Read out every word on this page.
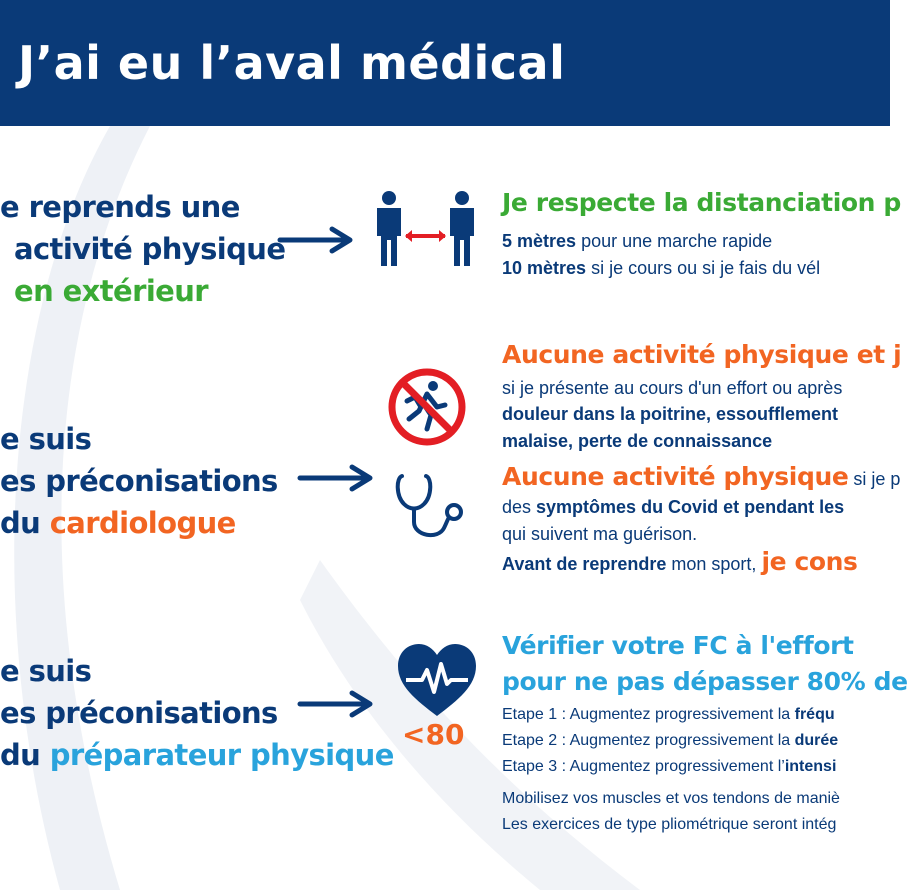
J’ai eu l’aval médical
e reprends une
activité physique
en extérieur
Je respecte la distanciation p
5 mètres pour une marche rapide
10 mètres si je cours ou si je fais du vél
e suis
es préconisations
du cardiologue
Aucune activité physique et j
si je présente au cours d'un effort ou après
douleur dans la poitrine, essoufflement
malaise, perte de connaissance
Aucune activité physique si je p
des symptômes du Covid et pendant les
qui suivent ma guérison.
Avant de reprendre mon sport, je cons
e suis
es préconisations
du préparateur physique
<80
Vérifier votre FC à l'effort
pour ne pas dépasser 80% de
Etape 1 : Augmentez progressivement la fréqu
Etape 2 : Augmentez progressivement la durée
Etape 3 : Augmentez progressivement l’intensi
Mobilisez vos muscles et vos tendons de maniè
Les exercices de type pliométrique seront intég
